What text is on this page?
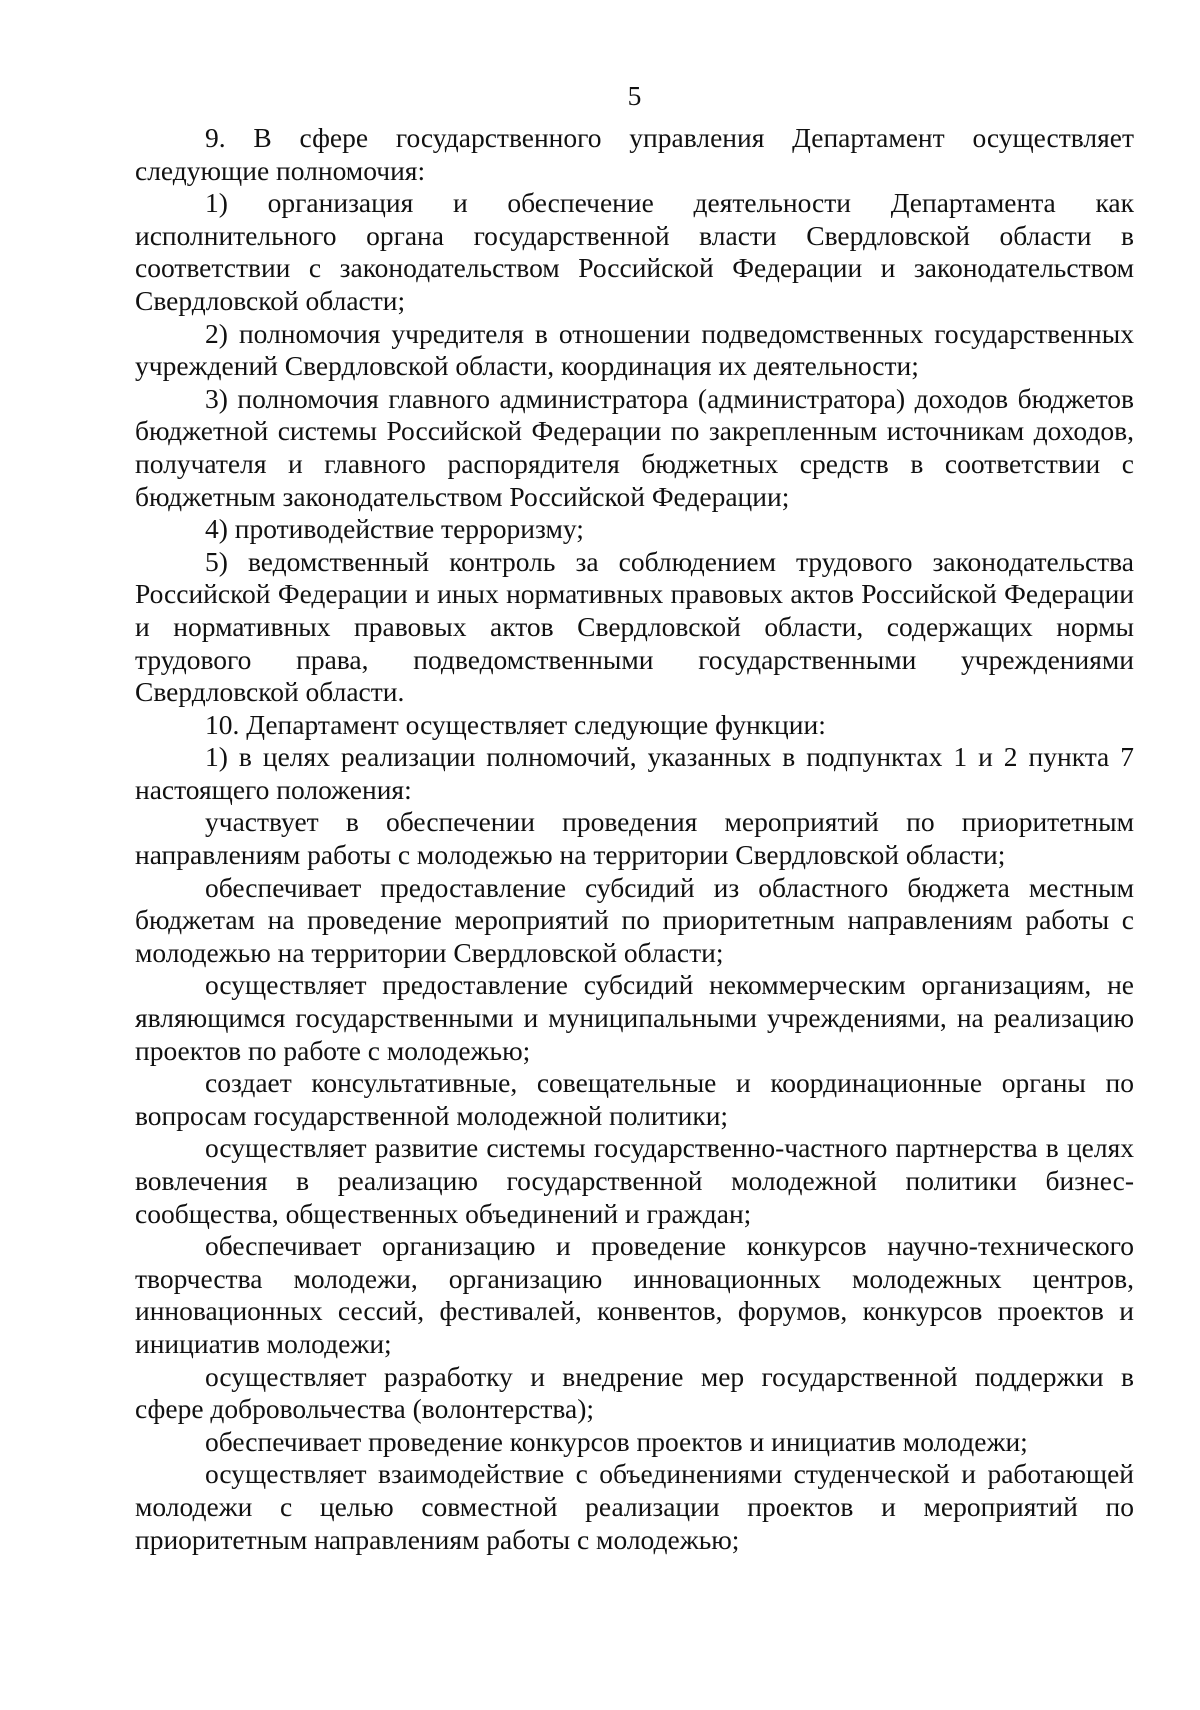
5

9. В сфере государственного управления Департамент осуществляет следующие полномочия:

1) организация и обеспечение деятельности Департамента как исполнительного органа государственной власти Свердловской области в соответствии с законодательством Российской Федерации и законодательством Свердловской области;

2) полномочия учредителя в отношении подведомственных государственных учреждений Свердловской области, координация их деятельности;

3) полномочия главного администратора (администратора) доходов бюджетов бюджетной системы Российской Федерации по закрепленным источникам доходов, получателя и главного распорядителя бюджетных средств в соответствии с бюджетным законодательством Российской Федерации;

4) противодействие терроризму;

5) ведомственный контроль за соблюдением трудового законодательства Российской Федерации и иных нормативных правовых актов Российской Федерации и нормативных правовых актов Свердловской области, содержащих нормы трудового права, подведомственными государственными учреждениями Свердловской области.

10. Департамент осуществляет следующие функции:

1) в целях реализации полномочий, указанных в подпунктах 1 и 2 пункта 7 настоящего положения:

участвует в обеспечении проведения мероприятий по приоритетным направлениям работы с молодежью на территории Свердловской области;

обеспечивает предоставление субсидий из областного бюджета местным бюджетам на проведение мероприятий по приоритетным направлениям работы с молодежью на территории Свердловской области;

осуществляет предоставление субсидий некоммерческим организациям, не являющимся государственными и муниципальными учреждениями, на реализацию проектов по работе с молодежью;

создает консультативные, совещательные и координационные органы по вопросам государственной молодежной политики;

осуществляет развитие системы государственно-частного партнерства в целях вовлечения в реализацию государственной молодежной политики бизнес-сообщества, общественных объединений и граждан;

обеспечивает организацию и проведение конкурсов научно-технического творчества молодежи, организацию инновационных молодежных центров, инновационных сессий, фестивалей, конвентов, форумов, конкурсов проектов и инициатив молодежи;

осуществляет разработку и внедрение мер государственной поддержки в сфере добровольчества (волонтерства);

обеспечивает проведение конкурсов проектов и инициатив молодежи;

осуществляет взаимодействие с объединениями студенческой и работающей молодежи с целью совместной реализации проектов и мероприятий по приоритетным направлениям работы с молодежью;
